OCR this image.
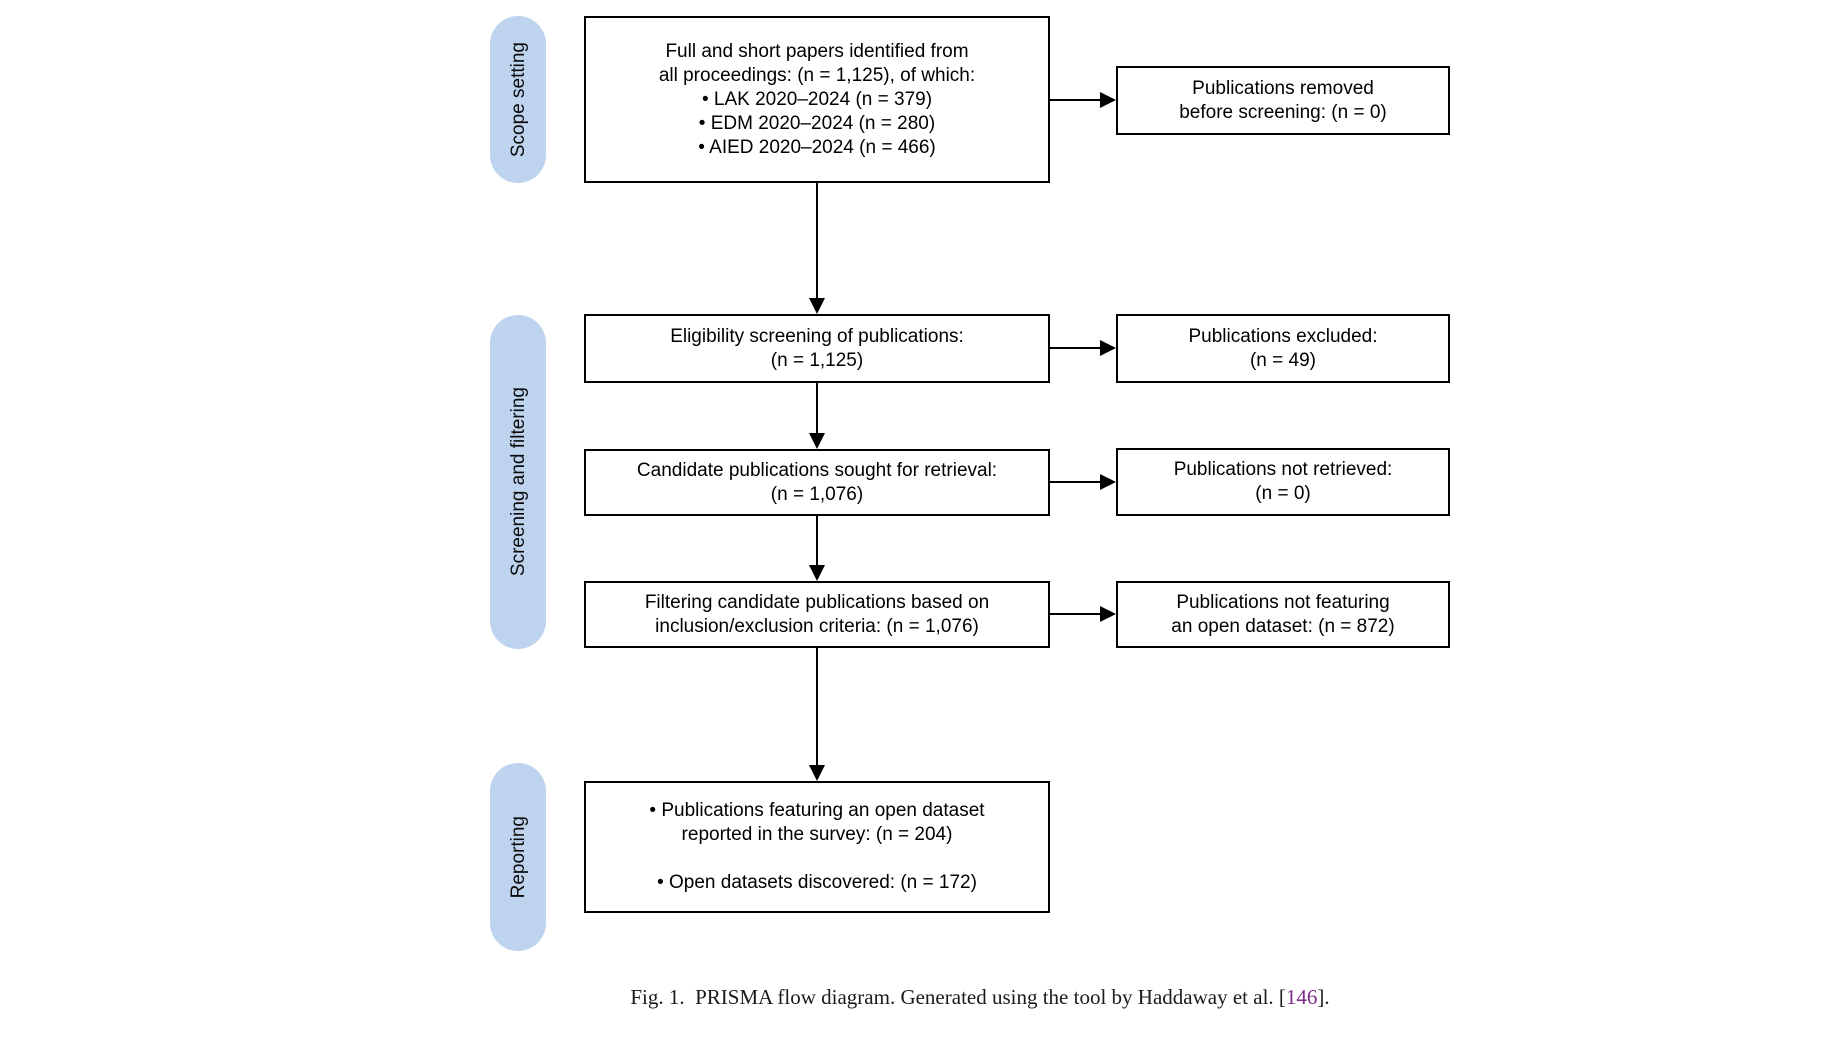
Scope setting
Screening and filtering
Reporting
Full and short papers identified from
all proceedings: (n = 1,125), of which:
• LAK 2020–2024 (n = 379)
• EDM 2020–2024 (n = 280)
• AIED 2020–2024 (n = 466)
Eligibility screening of publications:
(n = 1,125)
Candidate publications sought for retrieval:
(n = 1,076)
Filtering candidate publications based on
inclusion/exclusion criteria: (n = 1,076)
• Publications featuring an open dataset
reported in the survey: (n = 204)
• Open datasets discovered: (n = 172)
Publications removed
before screening: (n = 0)
Publications excluded:
(n = 49)
Publications not retrieved:
(n = 0)
Publications not featuring
an open dataset: (n = 872)
Fig. 1.  PRISMA flow diagram. Generated using the tool by Haddaway et al. [146].
